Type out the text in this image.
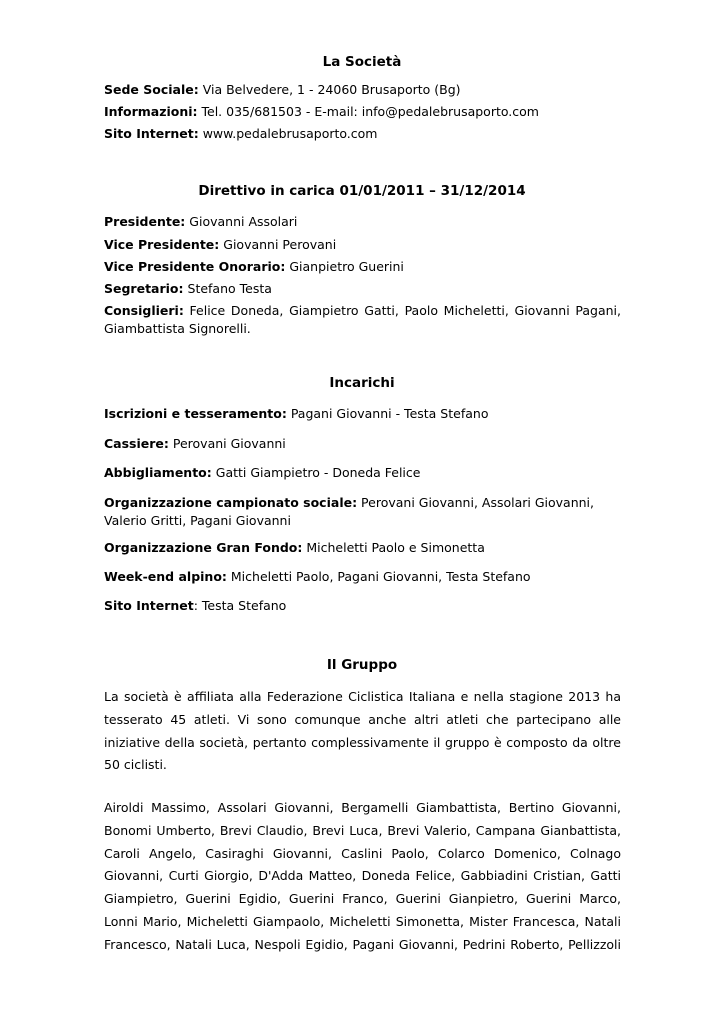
La Società
Sede Sociale: Via Belvedere, 1 - 24060 Brusaporto (Bg)
Informazioni: Tel. 035/681503 - E-mail: info@pedalebrusaporto.com
Sito Internet: www.pedalebrusaporto.com
Direttivo in carica 01/01/2011 – 31/12/2014
Presidente: Giovanni Assolari
Vice Presidente: Giovanni Perovani
Vice Presidente Onorario: Gianpietro Guerini
Segretario: Stefano Testa
Consiglieri: Felice Doneda, Giampietro Gatti, Paolo Micheletti, Giovanni Pagani, Giambattista Signorelli.
Incarichi
Iscrizioni e tesseramento: Pagani Giovanni - Testa Stefano
Cassiere: Perovani Giovanni
Abbigliamento: Gatti Giampietro - Doneda Felice
Organizzazione campionato sociale: Perovani Giovanni, Assolari Giovanni, Valerio Gritti, Pagani Giovanni
Organizzazione Gran Fondo: Micheletti Paolo e Simonetta
Week-end alpino: Micheletti Paolo, Pagani Giovanni, Testa Stefano
Sito Internet: Testa Stefano
Il Gruppo
La società è affiliata alla Federazione Ciclistica Italiana e nella stagione 2013 ha tesserato 45 atleti. Vi sono comunque anche altri atleti che partecipano alle iniziative della società, pertanto complessivamente il gruppo è composto da oltre 50 ciclisti.
Airoldi Massimo, Assolari Giovanni, Bergamelli Giambattista, Bertino Giovanni, Bonomi Umberto, Brevi Claudio, Brevi Luca, Brevi Valerio, Campana Gianbattista, Caroli Angelo, Casiraghi Giovanni, Caslini Paolo, Colarco Domenico, Colnago Giovanni, Curti Giorgio, D'Adda Matteo, Doneda Felice, Gabbiadini Cristian, Gatti Giampietro, Guerini Egidio, Guerini Franco, Guerini Gianpietro, Guerini Marco, Lonni Mario, Micheletti Giampaolo, Micheletti Simonetta, Mister Francesca, Natali Francesco, Natali Luca, Nespoli Egidio, Pagani Giovanni, Pedrini Roberto, Pellizzoli
